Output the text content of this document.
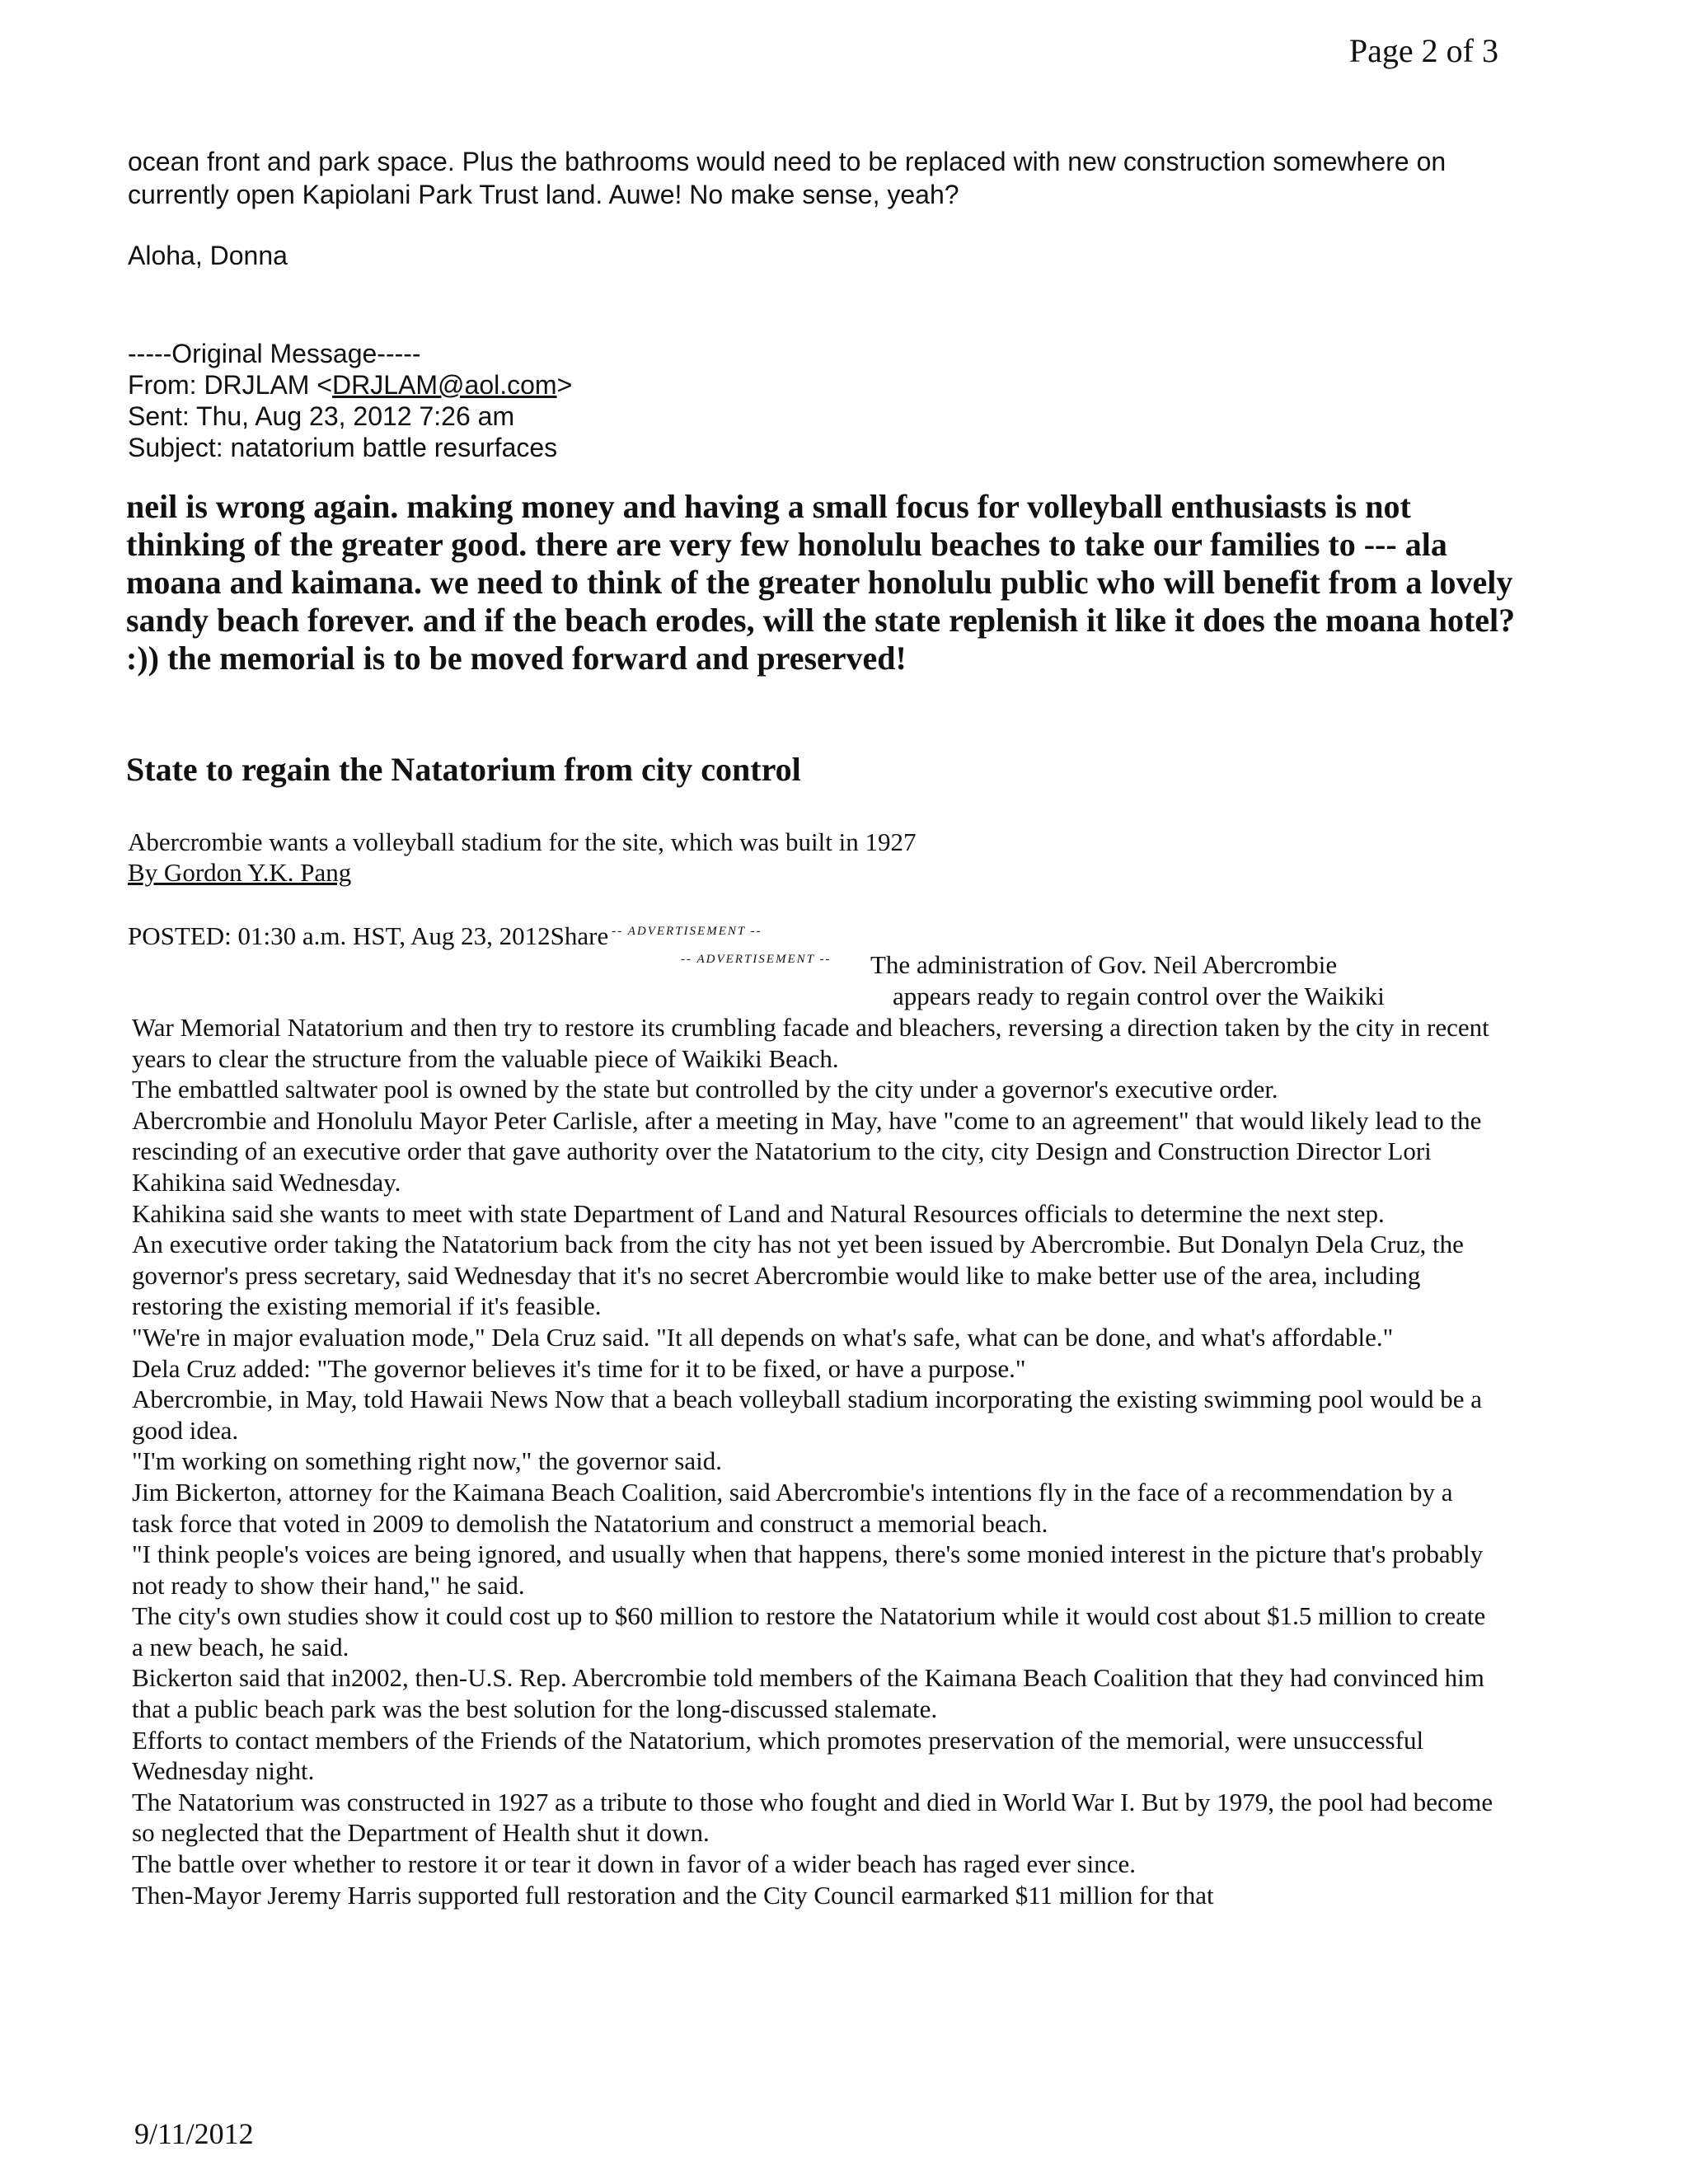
Page 2 of 3

ocean front and park space. Plus the bathrooms would need to be replaced with new construction somewhere on currently open Kapiolani Park Trust land. Auwe! No make sense, yeah?

Aloha, Donna
-----Original Message-----
From: DRJLAM <DRJLAM@aol.com>
Sent: Thu, Aug 23, 2012 7:26 am
Subject: natatorium battle resurfaces
neil is wrong again. making money and having a small focus for volleyball enthusiasts is not thinking of the greater good. there are very few honolulu beaches to take our families to --- ala moana and kaimana. we need to think of the greater honolulu public who will benefit from a lovely sandy beach forever. and if the beach erodes, will the state replenish it like it does the moana hotel? :)) the memorial is to be moved forward and preserved!
State to regain the Natatorium from city control
Abercrombie wants a volleyball stadium for the site, which was built in 1927
By Gordon Y.K. Pang
POSTED: 01:30 a.m. HST, Aug 23, 2012Share $^{-- ADVERTISEMENT --}$
-- ADVERTISEMENT -- The administration of Gov. Neil Abercrombie
appears ready to regain control over the Waikiki

War Memorial Natatorium and then try to restore its crumbling facade and bleachers, reversing a direction taken by the city in recent years to clear the structure from the valuable piece of Waikiki Beach.

The embattled saltwater pool is owned by the state but controlled by the city under a governor's executive order.

Abercrombie and Honolulu Mayor Peter Carlisle, after a meeting in May, have "come to an agreement" that would likely lead to the rescinding of an executive order that gave authority over the Natatorium to the city, city Design and Construction Director Lori Kahikina said Wednesday.

Kahikina said she wants to meet with state Department of Land and Natural Resources officials to determine the next step.

An executive order taking the Natatorium back from the city has not yet been issued by Abercrombie. But Donalyn Dela Cruz, the governor's press secretary, said Wednesday that it's no secret Abercrombie would like to make better use of the area, including restoring the existing memorial if it's feasible.

"We're in major evaluation mode," Dela Cruz said. "It all depends on what's safe, what can be done, and what's affordable."

Dela Cruz added: "The governor believes it's time for it to be fixed, or have a purpose."

Abercrombie, in May, told Hawaii News Now that a beach volleyball stadium incorporating the existing swimming pool would be a good idea.

"I'm working on something right now," the governor said.

Jim Bickerton, attorney for the Kaimana Beach Coalition, said Abercrombie's intentions fly in the face of a recommendation by a task force that voted in 2009 to demolish the Natatorium and construct a memorial beach.

"I think people's voices are being ignored, and usually when that happens, there's some monied interest in the picture that's probably not ready to show their hand," he said.

The city's own studies show it could cost up to $60 million to restore the Natatorium while it would cost about $1.5 million to create a new beach, he said.

Bickerton said that in2002, then-U.S. Rep. Abercrombie told members of the Kaimana Beach Coalition that they had convinced him that a public beach park was the best solution for the long-discussed stalemate.

Efforts to contact members of the Friends of the Natatorium, which promotes preservation of the memorial, were unsuccessful Wednesday night.

The Natatorium was constructed in 1927 as a tribute to those who fought and died in World War I. But by 1979, the pool had become so neglected that the Department of Health shut it down.

The battle over whether to restore it or tear it down in favor of a wider beach has raged ever since.

Then-Mayor Jeremy Harris supported full restoration and the City Council earmarked $11 million for that

9/11/2012
